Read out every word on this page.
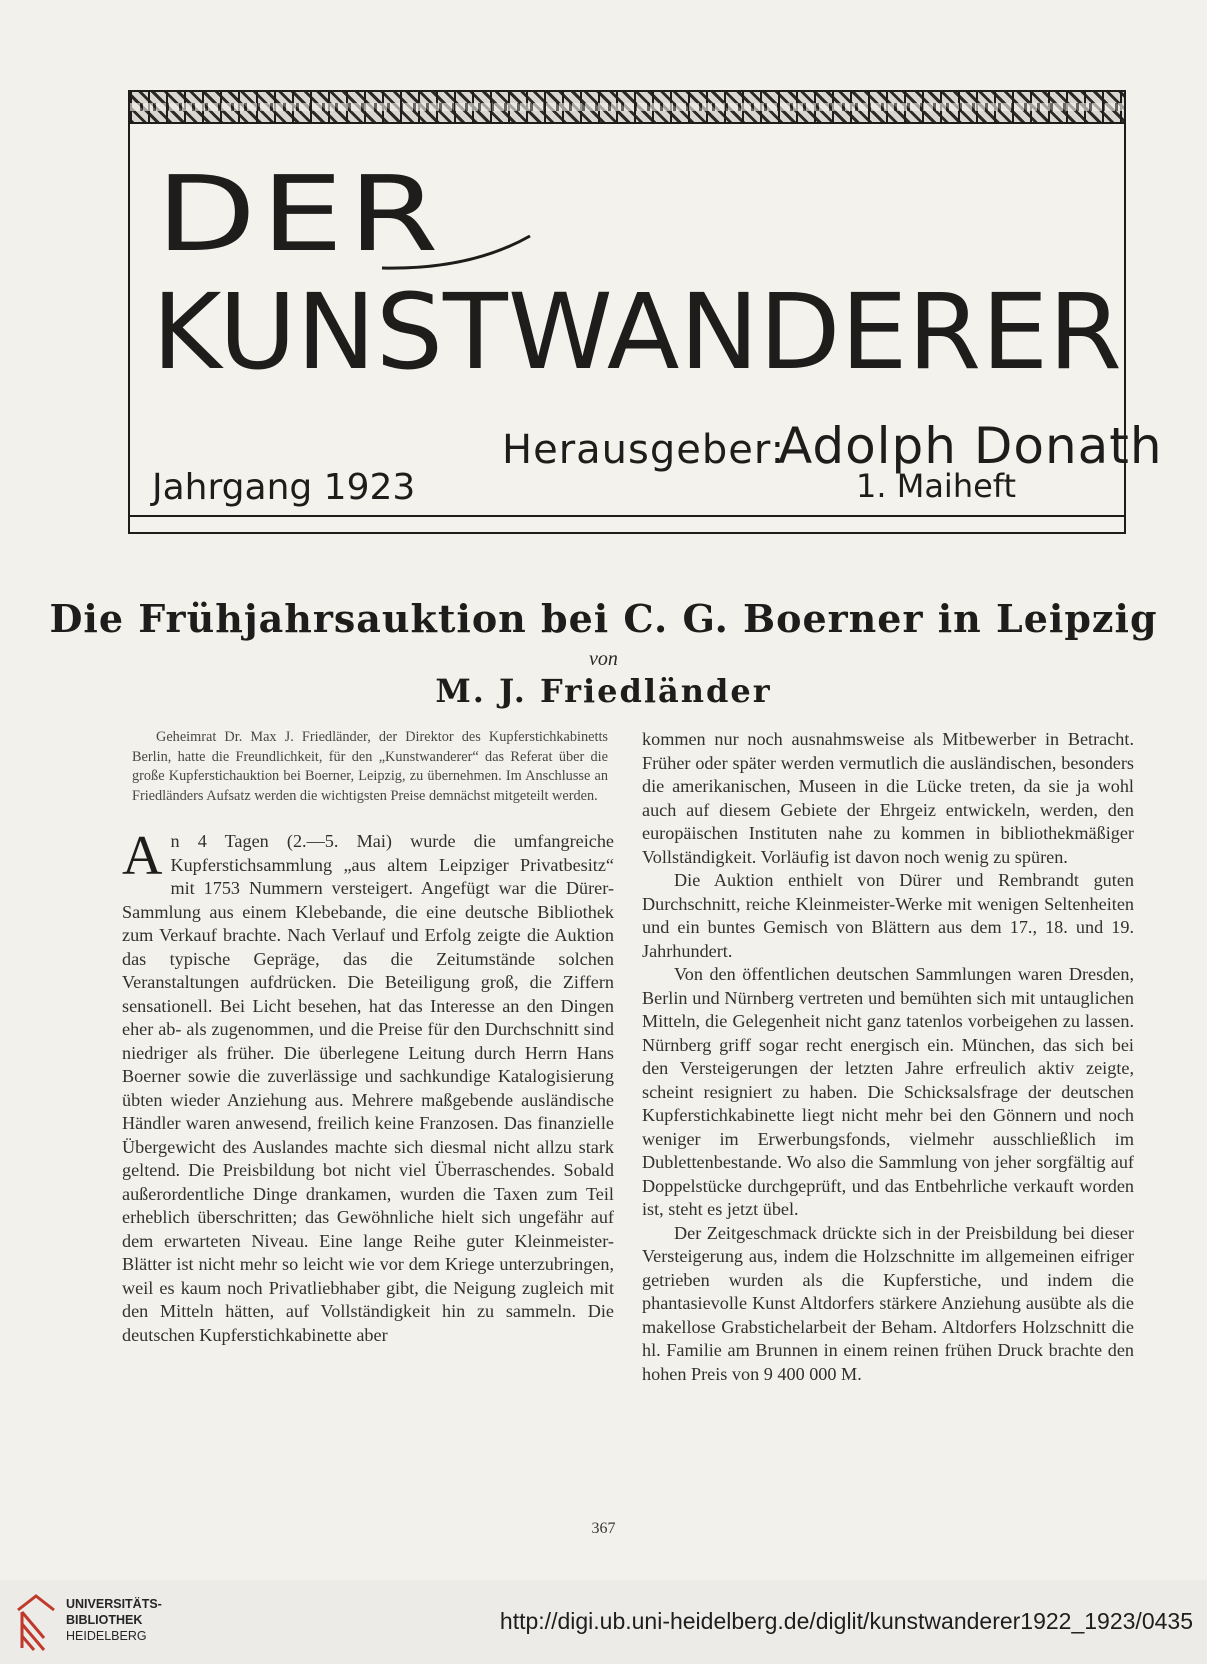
DER
KUNSTWANDERER
Herausgeber:
Adolph Donath
Jahrgang 1923	1. Maiheft
Die Frühjahrsauktion bei C. G. Boerner in Leipzig
von
M. J. Friedländer
Geheimrat Dr. Max J. Friedländer, der Direktor des Kupferstichkabinetts Berlin, hatte die Freundlichkeit, für den „Kunstwanderer“ das Referat über die große Kupferstichauktion bei Boerner, Leipzig, zu übernehmen. Im Anschlusse an Friedländers Aufsatz werden die wichtigsten Preise demnächst mitgeteilt werden.

An 4 Tagen (2.—5. Mai) wurde die umfangreiche Kupferstichsammlung „aus altem Leipziger Privatbesitz“ mit 1753 Nummern versteigert. Angefügt war die Dürer-Sammlung aus einem Klebebande, die eine deutsche Bibliothek zum Verkauf brachte. Nach Verlauf und Erfolg zeigte die Auktion das typische Gepräge, das die Zeitumstände solchen Veranstaltungen aufdrücken. Die Beteiligung groß, die Ziffern sensationell. Bei Licht besehen, hat das Interesse an den Dingen eher ab- als zugenommen, und die Preise für den Durchschnitt sind niedriger als früher. Die überlegene Leitung durch Herrn Hans Boerner sowie die zuverlässige und sachkundige Katalogisierung übten wieder Anziehung aus. Mehrere maßgebende ausländische Händler waren anwesend, freilich keine Franzosen. Das finanzielle Übergewicht des Auslandes machte sich diesmal nicht allzu stark geltend. Die Preisbildung bot nicht viel Überraschendes. Sobald außerordentliche Dinge drankamen, wurden die Taxen zum Teil erheblich überschritten; das Gewöhnliche hielt sich ungefähr auf dem erwarteten Niveau. Eine lange Reihe guter Kleinmeister-Blätter ist nicht mehr so leicht wie vor dem Kriege unterzubringen, weil es kaum noch Privatliebhaber gibt, die Neigung zugleich mit den Mitteln hätten, auf Vollständigkeit hin zu sammeln. Die deutschen Kupferstichkabinette aber

kommen nur noch ausnahmsweise als Mitbewerber in Betracht. Früher oder später werden vermutlich die ausländischen, besonders die amerikanischen, Museen in die Lücke treten, da sie ja wohl auch auf diesem Gebiete der Ehrgeiz entwickeln, werden, den europäischen Instituten nahe zu kommen in bibliothekmäßiger Vollständigkeit. Vorläufig ist davon noch wenig zu spüren.

Die Auktion enthielt von Dürer und Rembrandt guten Durchschnitt, reiche Kleinmeister-Werke mit wenigen Seltenheiten und ein buntes Gemisch von Blättern aus dem 17., 18. und 19. Jahrhundert.

Von den öffentlichen deutschen Sammlungen waren Dresden, Berlin und Nürnberg vertreten und bemühten sich mit untauglichen Mitteln, die Gelegenheit nicht ganz tatenlos vorbeigehen zu lassen. Nürnberg griff sogar recht energisch ein. München, das sich bei den Versteigerungen der letzten Jahre erfreulich aktiv zeigte, scheint resigniert zu haben. Die Schicksalsfrage der deutschen Kupferstichkabinette liegt nicht mehr bei den Gönnern und noch weniger im Erwerbungsfonds, vielmehr ausschließlich im Dublettenbestande. Wo also die Sammlung von jeher sorgfältig auf Doppelstücke durchgeprüft, und das Entbehrliche verkauft worden ist, steht es jetzt übel.

Der Zeitgeschmack drückte sich in der Preisbildung bei dieser Versteigerung aus, indem die Holzschnitte im allgemeinen eifriger getrieben wurden als die Kupferstiche, und indem die phantasievolle Kunst Altdorfers stärkere Anziehung ausübte als die makellose Grabstichelarbeit der Beham. Altdorfers Holzschnitt die hl. Familie am Brunnen in einem reinen frühen Druck brachte den hohen Preis von 9 400 000 M.

367
UNIVERSITÄTS-
BIBLIOTHEK
HEIDELBERG
http://digi.ub.uni-heidelberg.de/diglit/kunstwanderer1922_1923/0435
